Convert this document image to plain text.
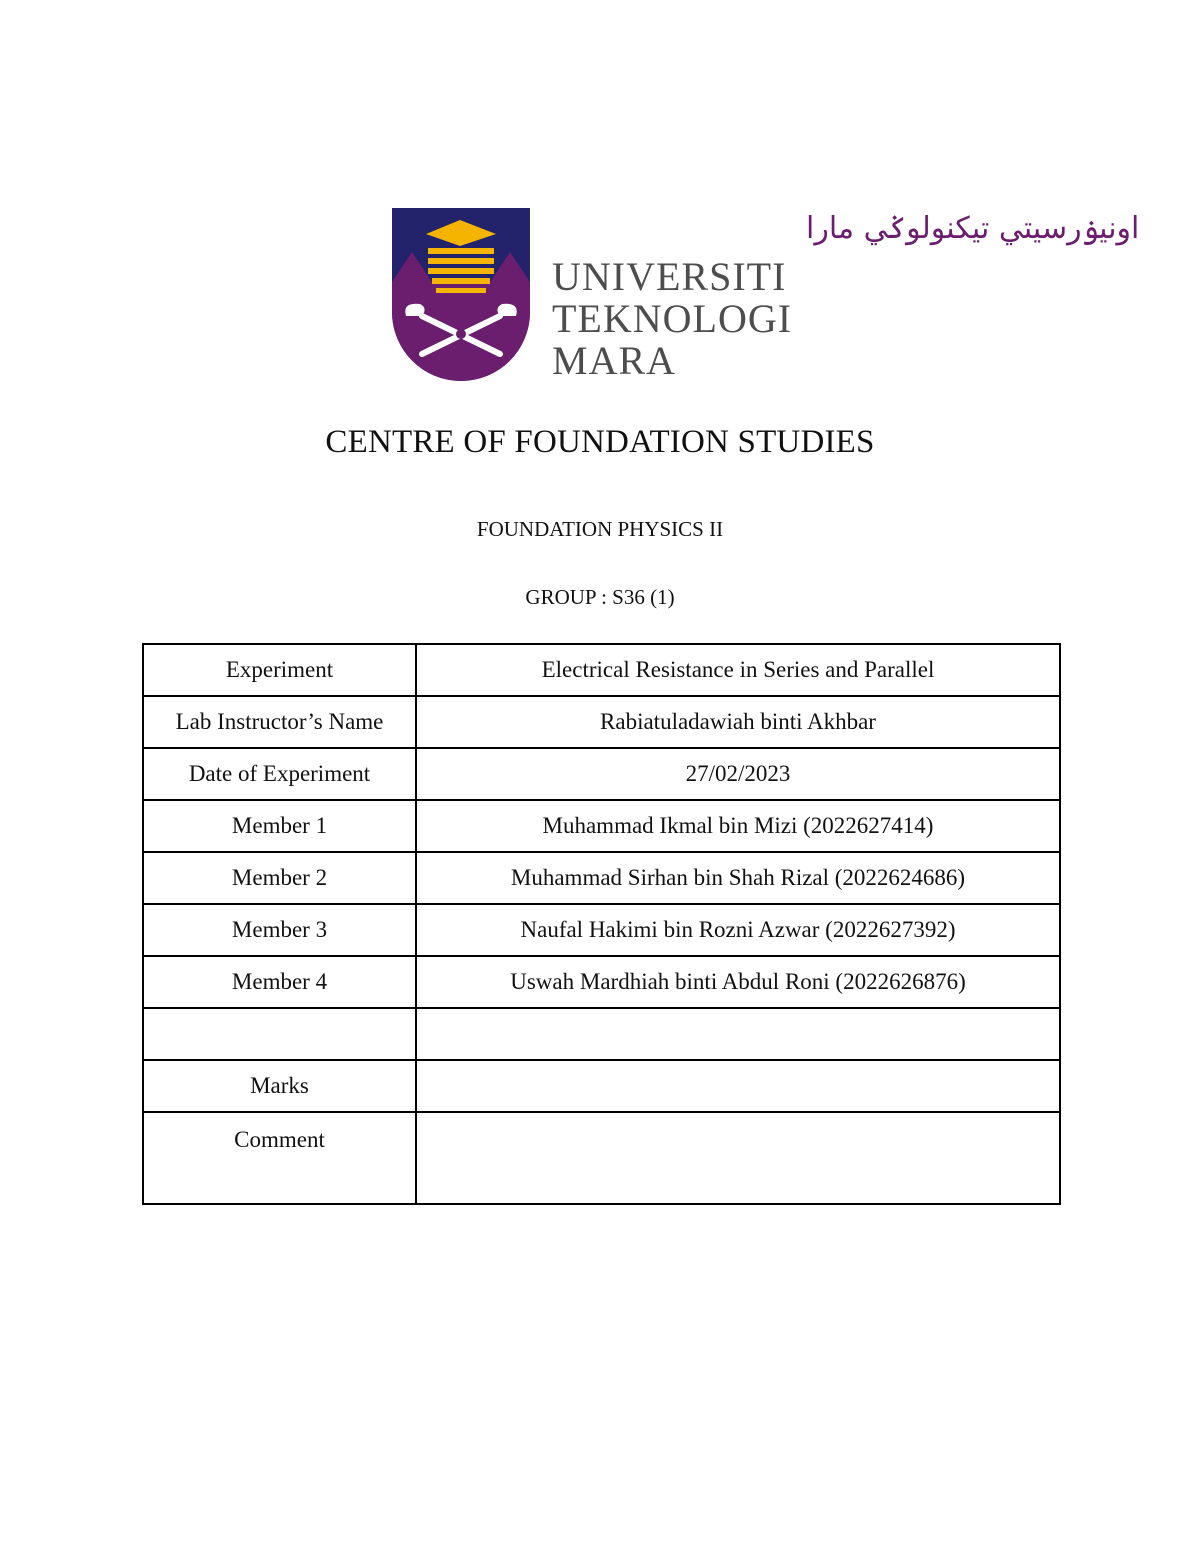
اونيۏرسيتي تيكنولوݢي مارا
UNIVERSITI
TEKNOLOGI
MARA
CENTRE OF FOUNDATION STUDIES
FOUNDATION PHYSICS II
GROUP : S36 (1)
Experiment	Electrical Resistance in Series and Parallel
Lab Instructor’s Name	Rabiatuladawiah binti Akhbar
Date of Experiment	27/02/2023
Member 1	Muhammad Ikmal bin Mizi (2022627414)
Member 2	Muhammad Sirhan bin Shah Rizal (2022624686)
Member 3	Naufal Hakimi bin Rozni Azwar (2022627392)
Member 4	Uswah Mardhiah binti Abdul Roni (2022626876)

Marks	
Comment	
